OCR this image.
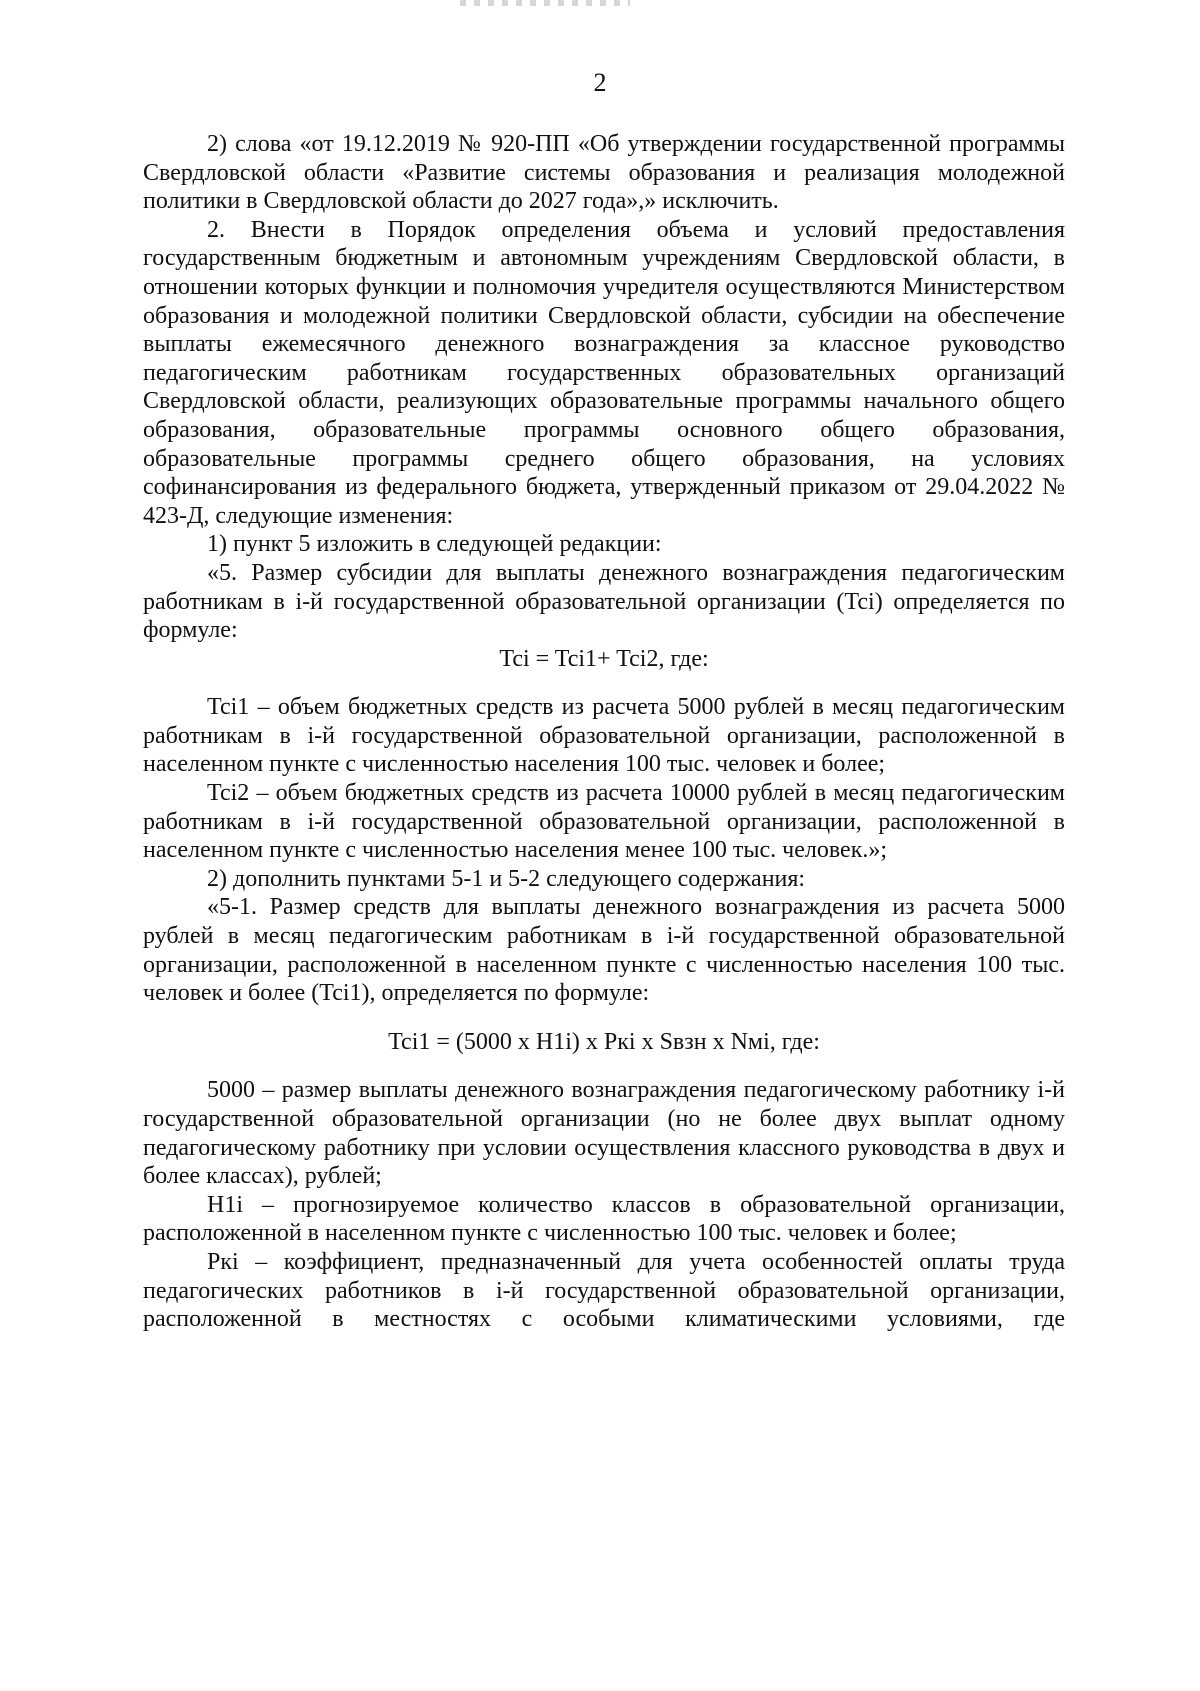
2

2) слова «от 19.12.2019 № 920-ПП «Об утверждении государственной программы Свердловской области «Развитие системы образования и реализация молодежной политики в Свердловской области до 2027 года»,» исключить.

2. Внести в Порядок определения объема и условий предоставления государственным бюджетным и автономным учреждениям Свердловской области, в отношении которых функции и полномочия учредителя осуществляются Министерством образования и молодежной политики Свердловской области, субсидии на обеспечение выплаты ежемесячного денежного вознаграждения за классное руководство педагогическим работникам государственных образовательных организаций Свердловской области, реализующих образовательные программы начального общего образования, образовательные программы основного общего образования, образовательные программы среднего общего образования, на условиях софинансирования из федерального бюджета, утвержденный приказом от 29.04.2022 № 423-Д, следующие изменения:

1) пункт 5 изложить в следующей редакции:

«5. Размер субсидии для выплаты денежного вознаграждения педагогическим работникам в i-й государственной образовательной организации (Tci) определяется по формуле:

Tci = Tci1+ Tci2, где:

Tci1 – объем бюджетных средств из расчета 5000 рублей в месяц педагогическим работникам в i-й государственной образовательной организации, расположенной в населенном пункте с численностью населения 100 тыс. человек и более;

Tci2 – объем бюджетных средств из расчета 10000 рублей в месяц педагогическим работникам в i-й государственной образовательной организации, расположенной в населенном пункте с численностью населения менее 100 тыс. человек.»;

2) дополнить пунктами 5-1 и 5-2 следующего содержания:

«5-1. Размер средств для выплаты денежного вознаграждения из расчета 5000 рублей в месяц педагогическим работникам в i-й государственной образовательной организации, расположенной в населенном пункте с численностью населения 100 тыс. человек и более (Tci1), определяется по формуле:

Tci1 = (5000 x H1i) x Pкi x Sвзн x Nмi, где:

5000 – размер выплаты денежного вознаграждения педагогическому работнику i-й государственной образовательной организации (но не более двух выплат одному педагогическому работнику при условии осуществления классного руководства в двух и более классах), рублей;

H1i – прогнозируемое количество классов в образовательной организации, расположенной в населенном пункте с численностью 100 тыс. человек и более;

Pкi – коэффициент, предназначенный для учета особенностей оплаты труда педагогических работников в i-й государственной образовательной организации, расположенной в местностях с особыми климатическими условиями, где
